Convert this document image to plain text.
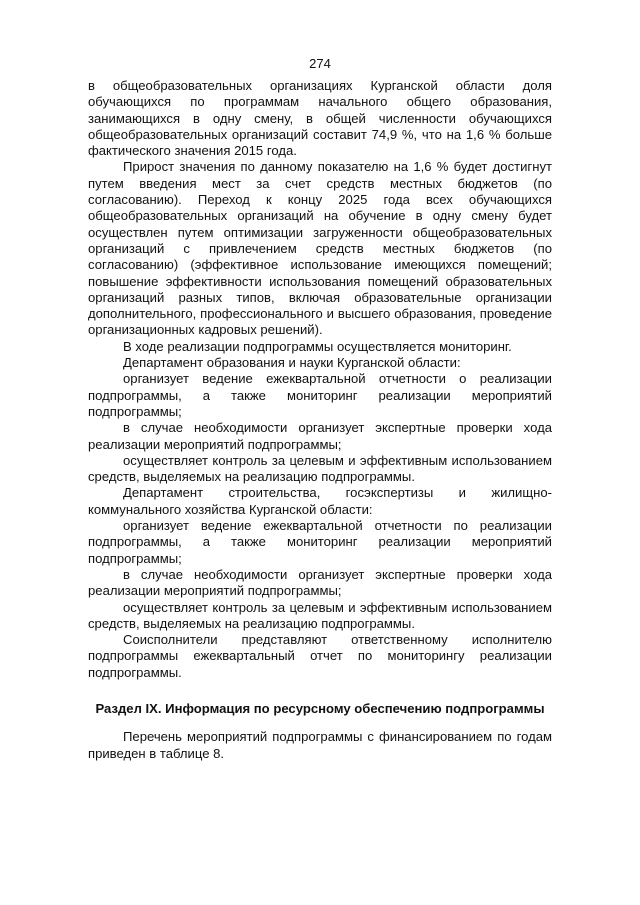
274

в общеобразовательных организациях Курганской области доля обучающихся по программам начального общего образования, занимающихся в одну смену, в общей численности обучающихся общеобразовательных организаций составит 74,9 %, что на 1,6 % больше фактического значения 2015 года.

Прирост значения по данному показателю на 1,6 % будет достигнут путем введения мест за счет средств местных бюджетов (по согласованию). Переход к концу 2025 года всех обучающихся общеобразовательных организаций на обучение в одну смену будет осуществлен путем оптимизации загруженности общеобразовательных организаций с привлечением средств местных бюджетов (по согласованию) (эффективное использование имеющихся помещений; повышение эффективности использования помещений образовательных организаций разных типов, включая образовательные организации дополнительного, профессионального и высшего образования, проведение организационных кадровых решений).

В ходе реализации подпрограммы осуществляется мониторинг.

Департамент образования и науки Курганской области:

организует ведение ежеквартальной отчетности о реализации подпрограммы, а также мониторинг реализации мероприятий подпрограммы;

в случае необходимости организует экспертные проверки хода реализации мероприятий подпрограммы;

осуществляет контроль за целевым и эффективным использованием средств, выделяемых на реализацию подпрограммы.

Департамент строительства, госэкспертизы и жилищно-коммунального хозяйства Курганской области:

организует ведение ежеквартальной отчетности по реализации подпрограммы, а также мониторинг реализации мероприятий подпрограммы;

в случае необходимости организует экспертные проверки хода реализации мероприятий подпрограммы;

осуществляет контроль за целевым и эффективным использованием средств, выделяемых на реализацию подпрограммы.

Соисполнители представляют ответственному исполнителю подпрограммы ежеквартальный отчет по мониторингу реализации подпрограммы.

Раздел IX. Информация по ресурсному обеспечению подпрограммы

Перечень мероприятий подпрограммы с финансированием по годам приведен в таблице 8.
